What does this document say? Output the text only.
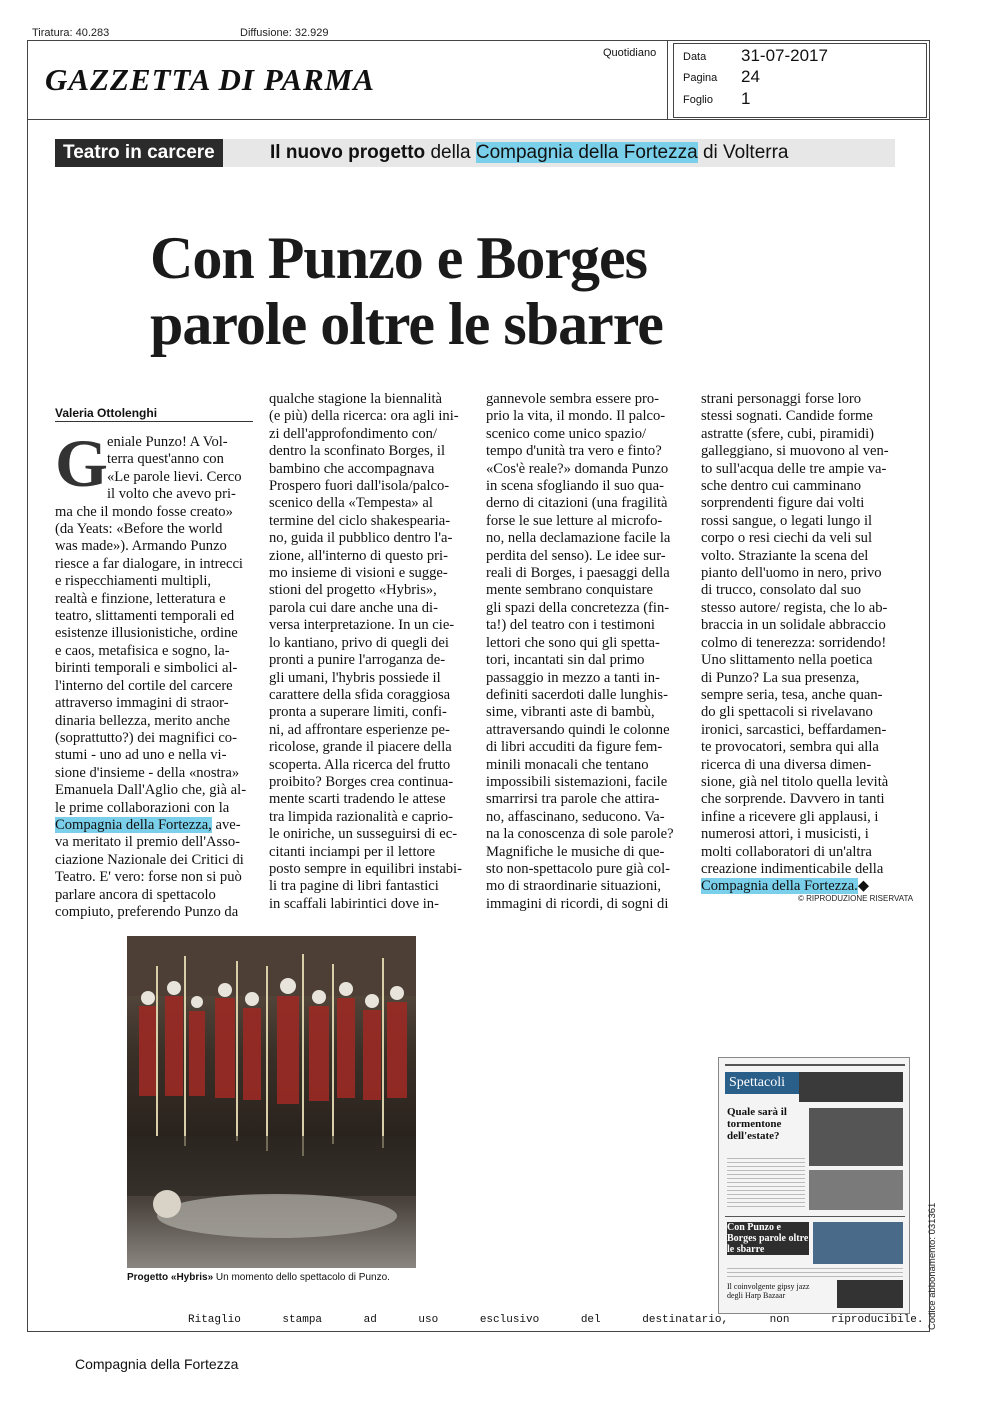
Tiratura: 40.283	Diffusione: 32.929
GAZZETTA DI PARMA
Quotidiano Data 31-07-2017
Pagina 24
Foglio 1
Teatro in carcere	Il nuovo progetto della Compagnia della Fortezza di Volterra
Con Punzo e Borges
parole oltre le sbarre
Valeria Ottolenghi
G eniale Punzo! A Vol-
terra quest'anno con
«Le parole lievi. Cerco
il volto che avevo pri-
ma che il mondo fosse creato»
(da Yeats: «Before the world
was made»). Armando Punzo
riesce a far dialogare, in intrecci
e rispecchiamenti multipli,
realtà e finzione, letteratura e
teatro, slittamenti temporali ed
esistenze illusionistiche, ordine
e caos, metafisica e sogno, la-
birinti temporali e simbolici al-
l'interno del cortile del carcere
attraverso immagini di straor-
dinaria bellezza, merito anche
(soprattutto?) dei magnifici co-
stumi - uno ad uno e nella vi-
sione d'insieme - della «nostra»
Emanuela Dall'Aglio che, già al-
le prime collaborazioni con la
Compagnia della Fortezza, ave-
va meritato il premio dell'Asso-
ciazione Nazionale dei Critici di
Teatro. E' vero: forse non si può
parlare ancora di spettacolo
compiuto, preferendo Punzo da
qualche stagione la biennalità
(e più) della ricerca: ora agli ini-
zi dell'approfondimento con/
dentro la sconfinato Borges, il
bambino che accompagnava
Prospero fuori dall'isola/palco-
scenico della «Tempesta» al
termine del ciclo shakespearia-
no, guida il pubblico dentro l'a-
zione, all'interno di questo pri-
mo insieme di visioni e sugge-
stioni del progetto «Hybris»,
parola cui dare anche una di-
versa interpretazione. In un cie-
lo kantiano, privo di quegli dei
pronti a punire l'arroganza de-
gli umani, l'hybris possiede il
carattere della sfida coraggiosa
pronta a superare limiti, confi-
ni, ad affrontare esperienze pe-
ricolose, grande il piacere della
scoperta. Alla ricerca del frutto
proibito? Borges crea continua-
mente scarti tradendo le attese
tra limpida razionalità e caprio-
le oniriche, un susseguirsi di ec-
citanti inciampi per il lettore
posto sempre in equilibri instabi-
li tra pagine di libri fantastici
in scaffali labirintici dove in-
gannevole sembra essere pro-
prio la vita, il mondo. Il palco-
scenico come unico spazio/
tempo d'unità tra vero e finto?
«Cos'è reale?» domanda Punzo
in scena sfogliando il suo qua-
derno di citazioni (una fragilità
forse le sue letture al microfo-
no, nella declamazione facile la
perdita del senso). Le idee sur-
reali di Borges, i paesaggi della
mente sembrano conquistare
gli spazi della concretezza (fin-
ta!) del teatro con i testimoni
lettori che sono qui gli spetta-
tori, incantati sin dal primo
passaggio in mezzo a tanti in-
definiti sacerdoti dalle lunghis-
sime, vibranti aste di bambù,
attraversando quindi le colonne
di libri accuditi da figure fem-
minili monacali che tentano
impossibili sistemazioni, facile
smarrirsi tra parole che attira-
no, affascinano, seducono. Va-
na la conoscenza di sole parole?
Magnifiche le musiche di que-
sto non-spettacolo pure già col-
mo di straordinarie situazioni,
immagini di ricordi, di sogni di
strani personaggi forse loro
stessi sognati. Candide forme
astratte (sfere, cubi, piramidi)
galleggiano, si muovono al ven-
to sull'acqua delle tre ampie va-
sche dentro cui camminano
sorprendenti figure dai volti
rossi sangue, o legati lungo il
corpo o resi ciechi da veli sul
volto. Straziante la scena del
pianto dell'uomo in nero, privo
di trucco, consolato dal suo
stesso autore/ regista, che lo ab-
braccia in un solidale abbraccio
colmo di tenerezza: sorridendo!
Uno slittamento nella poetica
di Punzo? La sua presenza,
sempre seria, tesa, anche quan-
do gli spettacoli si rivelavano
ironici, sarcastici, beffardamen-
te provocatori, sembra qui alla
ricerca di una diversa dimen-
sione, già nel titolo quella levità
che sorprende. Davvero in tanti
infine a ricevere gli applausi, i
numerosi attori, i musicisti, i
molti collaboratori di un'altra
creazione indimenticabile della
Compagnia della Fortezza.◆
© RIPRODUZIONE RISERVATA
Progetto «Hybris» Un momento dello spettacolo di Punzo.
Spettacoli
Quale sarà il tormentone dell'estate?
Con Punzo e Borges parole oltre le sbarre
Il coinvolgente gipsy jazz degli Harp Bazaar	Codice abbonamento: 031361
Ritaglio stampa ad uso esclusivo del destinatario, non riproducibile.
Compagnia della Fortezza
